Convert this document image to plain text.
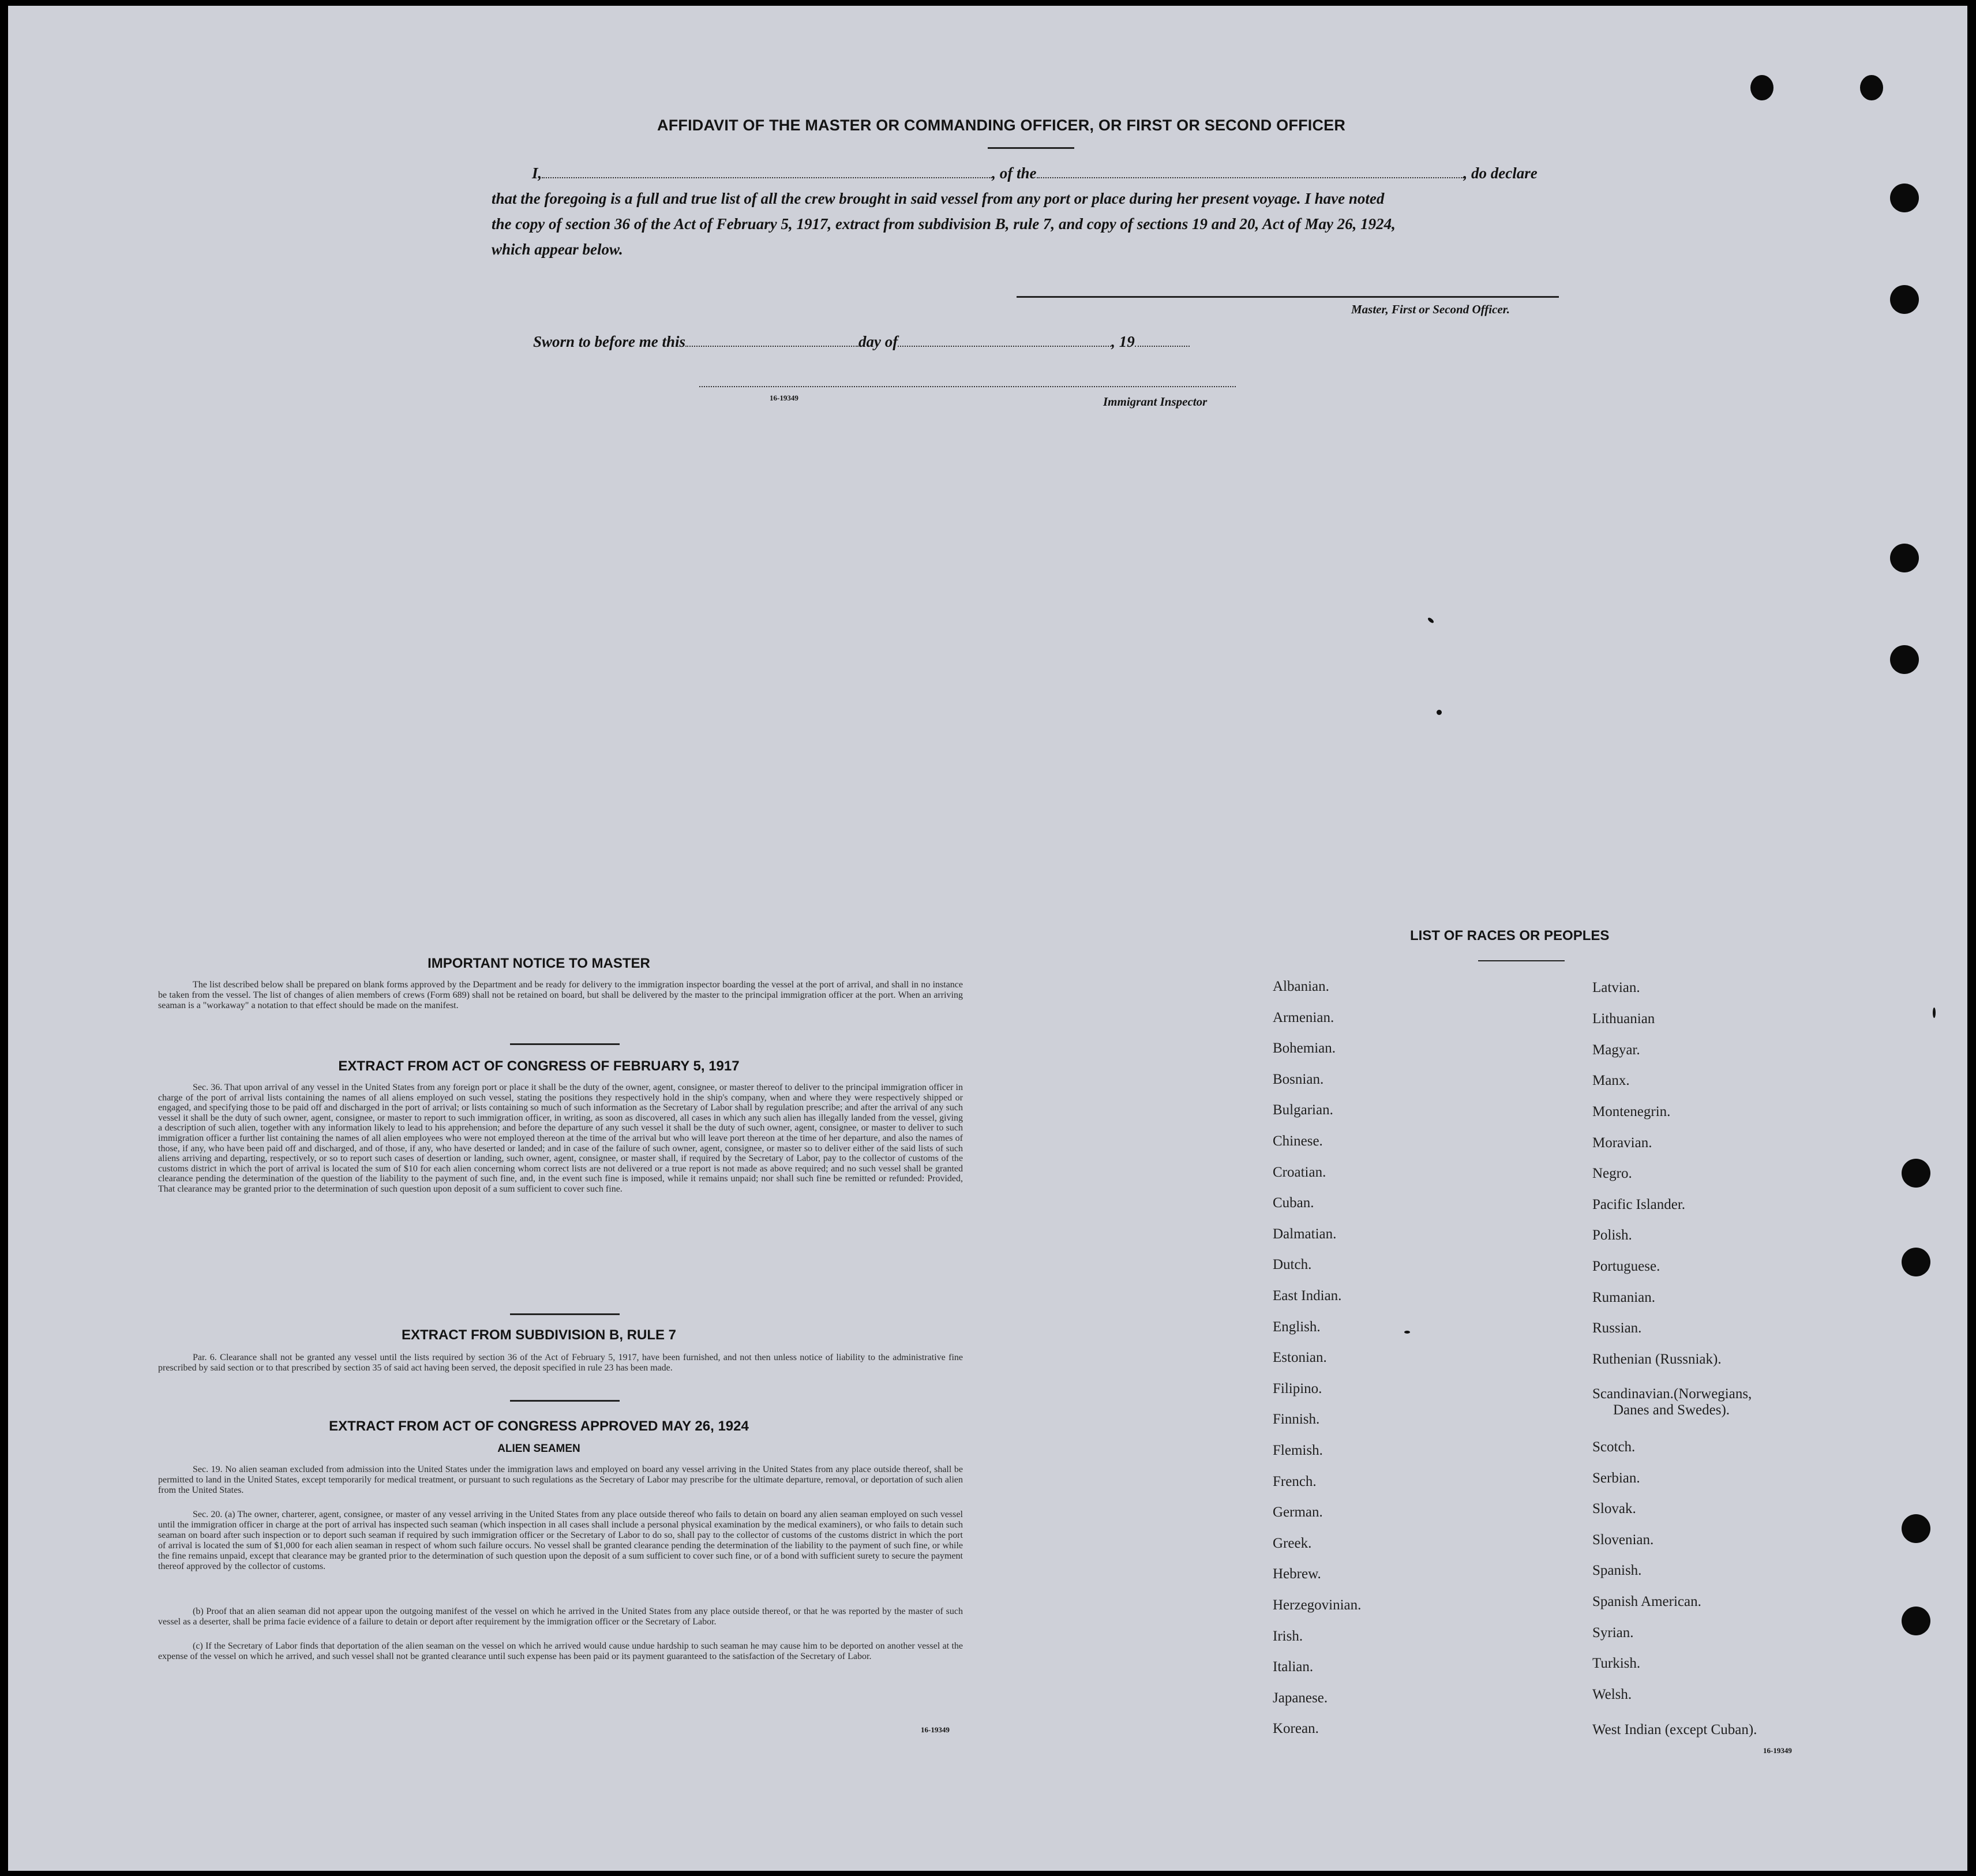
AFFIDAVIT OF THE MASTER OR COMMANDING OFFICER, OR FIRST OR SECOND OFFICER
I,	, of the	, do declare
that the foregoing is a full and true list of all the crew brought in said vessel from any port or place during her present voyage. I have noted
the copy of section 36 of the Act of February 5, 1917, extract from subdivision B, rule 7, and copy of sections 19 and 20, Act of May 26, 1924,
which appear below.
Master, First or Second Officer.
Sworn to before me this	day of	, 19
16-19349	Immigrant Inspector
IMPORTANT NOTICE TO MASTER
The list described below shall be prepared on blank forms approved by the Department and be ready for delivery to the immigration inspector boarding the vessel at the port of arrival, and shall in no instance be taken from the vessel. The list of changes of alien members of crews (Form 689) shall not be retained on board, but shall be delivered by the master to the principal immigration officer at the port. When an arriving seaman is a "workaway" a notation to that effect should be made on the manifest.
EXTRACT FROM ACT OF CONGRESS OF FEBRUARY 5, 1917
Sec. 36. That upon arrival of any vessel in the United States from any foreign port or place it shall be the duty of the owner, agent, consignee, or master thereof to deliver to the principal immigration officer in charge of the port of arrival lists containing the names of all aliens employed on such vessel, stating the positions they respectively hold in the ship's company, when and where they were respectively shipped or engaged, and specifying those to be paid off and discharged in the port of arrival; or lists containing so much of such information as the Secretary of Labor shall by regulation prescribe; and after the arrival of any such vessel it shall be the duty of such owner, agent, consignee, or master to report to such immigration officer, in writing, as soon as discovered, all cases in which any such alien has illegally landed from the vessel, giving a description of such alien, together with any information likely to lead to his apprehension; and before the departure of any such vessel it shall be the duty of such owner, agent, consignee, or master to deliver to such immigration officer a further list containing the names of all alien employees who were not employed thereon at the time of the arrival but who will leave port thereon at the time of her departure, and also the names of those, if any, who have been paid off and discharged, and of those, if any, who have deserted or landed; and in case of the failure of such owner, agent, consignee, or master so to deliver either of the said lists of such aliens arriving and departing, respectively, or so to report such cases of desertion or landing, such owner, agent, consignee, or master shall, if required by the Secretary of Labor, pay to the collector of customs of the customs district in which the port of arrival is located the sum of $10 for each alien concerning whom correct lists are not delivered or a true report is not made as above required; and no such vessel shall be granted clearance pending the determination of the question of the liability to the payment of such fine, and, in the event such fine is imposed, while it remains unpaid; nor shall such fine be remitted or refunded: Provided, That clearance may be granted prior to the determination of such question upon deposit of a sum sufficient to cover such fine.
EXTRACT FROM SUBDIVISION B, RULE 7
Par. 6. Clearance shall not be granted any vessel until the lists required by section 36 of the Act of February 5, 1917, have been furnished, and not then unless notice of liability to the administrative fine prescribed by said section or to that prescribed by section 35 of said act having been served, the deposit specified in rule 23 has been made.
EXTRACT FROM ACT OF CONGRESS APPROVED MAY 26, 1924
ALIEN SEAMEN
Sec. 19. No alien seaman excluded from admission into the United States under the immigration laws and employed on board any vessel arriving in the United States from any place outside thereof, shall be permitted to land in the United States, except temporarily for medical treatment, or pursuant to such regulations as the Secretary of Labor may prescribe for the ultimate departure, removal, or deportation of such alien from the United States.
Sec. 20. (a) The owner, charterer, agent, consignee, or master of any vessel arriving in the United States from any place outside thereof who fails to detain on board any alien seaman employed on such vessel until the immigration officer in charge at the port of arrival has inspected such seaman (which inspection in all cases shall include a personal physical examination by the medical examiners), or who fails to detain such seaman on board after such inspection or to deport such seaman if required by such immigration officer or the Secretary of Labor to do so, shall pay to the collector of customs of the customs district in which the port of arrival is located the sum of $1,000 for each alien seaman in respect of whom such failure occurs. No vessel shall be granted clearance pending the determination of the liability to the payment of such fine, or while the fine remains unpaid, except that clearance may be granted prior to the determination of such question upon the deposit of a sum sufficient to cover such fine, or of a bond with sufficient surety to secure the payment thereof approved by the collector of customs.
(b) Proof that an alien seaman did not appear upon the outgoing manifest of the vessel on which he arrived in the United States from any place outside thereof, or that he was reported by the master of such vessel as a deserter, shall be prima facie evidence of a failure to detain or deport after requirement by the immigration officer or the Secretary of Labor.
(c) If the Secretary of Labor finds that deportation of the alien seaman on the vessel on which he arrived would cause undue hardship to such seaman he may cause him to be deported on another vessel at the expense of the vessel on which he arrived, and such vessel shall not be granted clearance until such expense has been paid or its payment guaranteed to the satisfaction of the Secretary of Labor.
16-19349
LIST OF RACES OR PEOPLES
Danes and Swedes).
16-19349
Albanian.
Armenian.
Bohemian.
Bosnian.
Bulgarian.
Chinese.
Croatian.
Cuban.
Dalmatian.
Dutch.
East Indian.
English.
Estonian.
Filipino.
Finnish.
Flemish.
French.
German.
Greek.
Hebrew.
Herzegovinian.
Irish.
Italian.
Japanese.
Korean.
Latvian.
Lithuanian
Magyar.
Manx.
Montenegrin.
Moravian.
Negro.
Pacific Islander.
Polish.
Portuguese.
Rumanian.
Russian.
Ruthenian (Russniak).
Scandinavian.(Norwegians,
Scotch.
Serbian.
Slovak.
Slovenian.
Spanish.
Spanish American.
Syrian.
Turkish.
Welsh.
West Indian (except Cuban).
